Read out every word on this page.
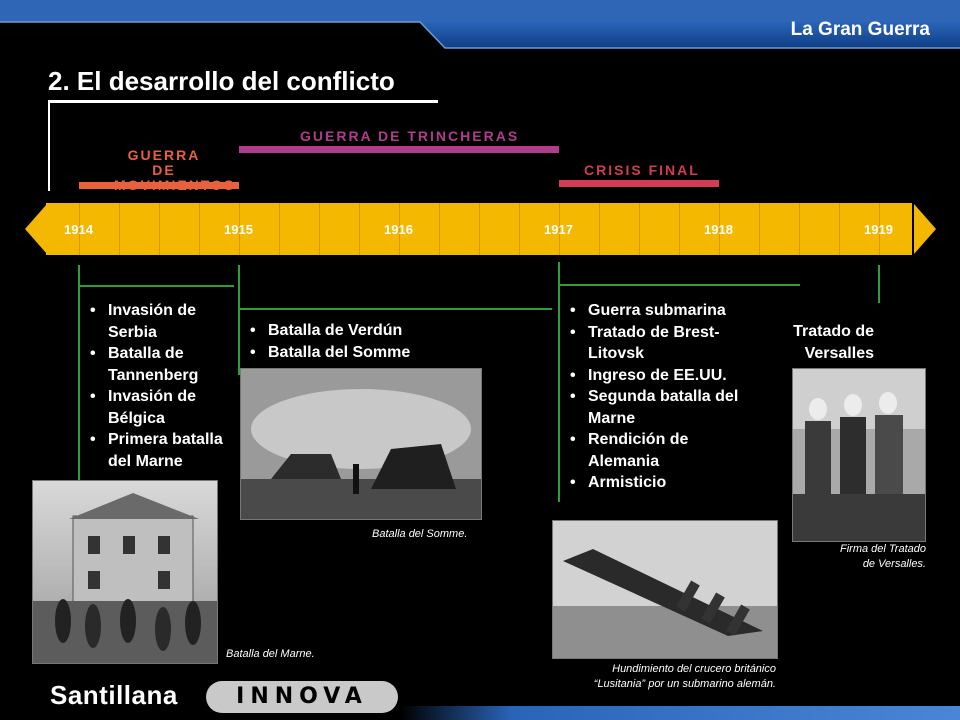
La Gran Guerra
2. El desarrollo del conflicto
GUERRA DE
GUERRA DE TRINCHERAS
CRISIS FINAL
1914	1915	1916	1917	1918	1919
• Invasión de Serbia
• Batalla de Tannenberg
• Invasión de Bélgica
• Primera batalla del Marne
• Batalla de Verdún
• Batalla del Somme
• Guerra submarina
• Tratado de Brest-Litovsk
• Ingreso de EE.UU.
• Segunda batalla del Marne
• Rendición de Alemania
• Armisticio
Tratado de
Versalles
Batalla del Marne.
Batalla del Somme.
Hundimiento del crucero británico
“Lusitania” por un submarino alemán.
Firma del Tratado
de Versalles.
Santillana	INNOVA
